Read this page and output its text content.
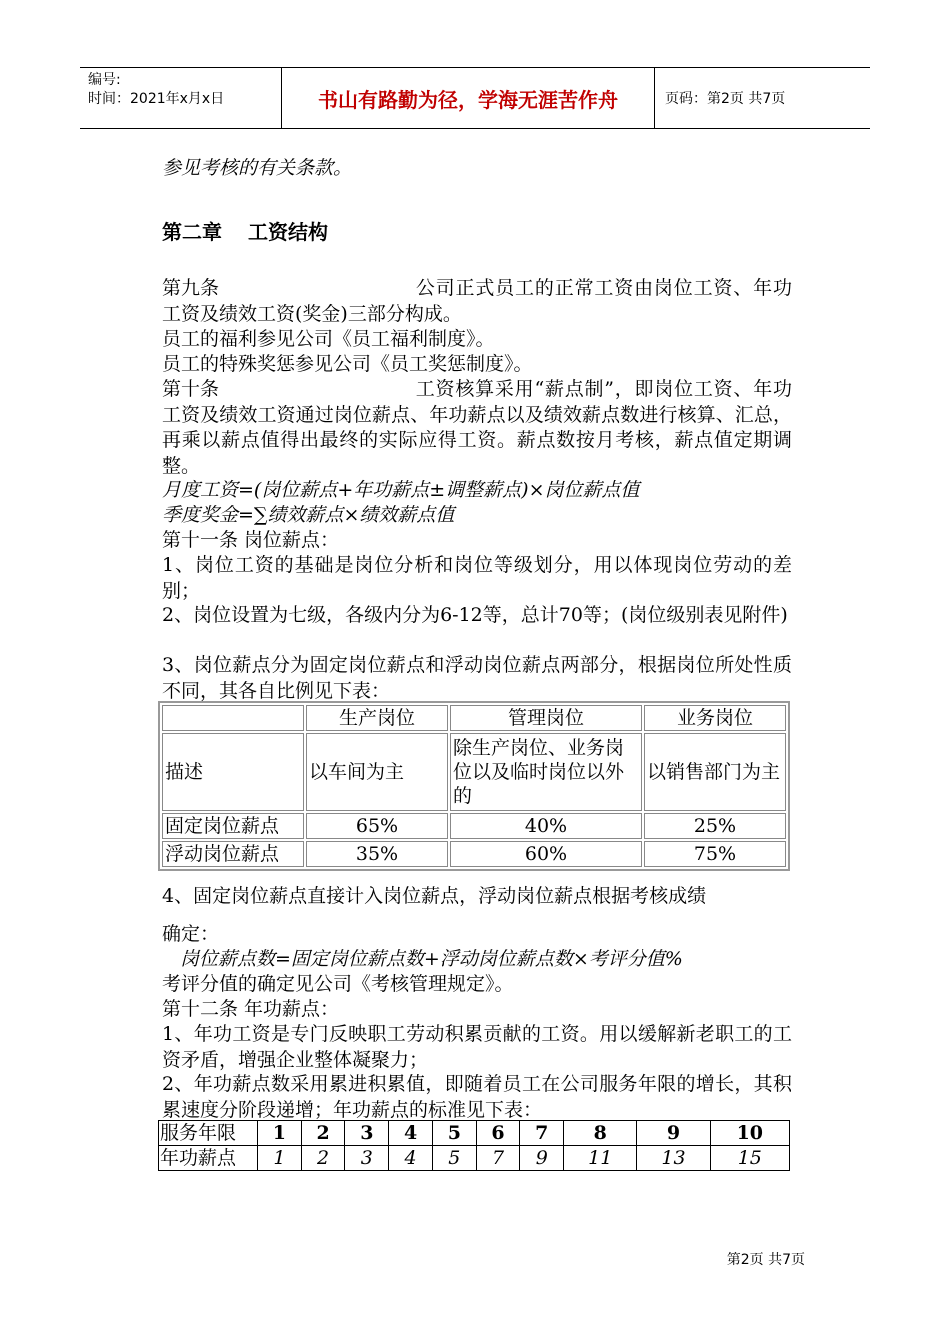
编号:
时间：2021年x月x日	书山有路勤为径，学海无涯苦作舟	页码：第2页 共7页
参见考核的有关条款。
第二章 工资结构
第九条	公司正式员工的正常工资由岗位工资、年功工资及绩效工资(奖金)三部分构成。
员工的福利参见公司《员工福利制度》。
员工的特殊奖惩参见公司《员工奖惩制度》。
第十条	工资核算采用“薪点制”，即岗位工资、年功工资及绩效工资通过岗位薪点、年功薪点以及绩效薪点数进行核算、汇总，再乘以薪点值得出最终的实际应得工资。薪点数按月考核，薪点值定期调整。
月度工资=(岗位薪点+年功薪点±调整薪点)×岗位薪点值
季度奖金=∑绩效薪点×绩效薪点值
第十一条 岗位薪点：
1、岗位工资的基础是岗位分析和岗位等级划分，用以体现岗位劳动的差别；
2、岗位设置为七级，各级内分为6-12等，总计70等；(岗位级别表见附件)
3、岗位薪点分为固定岗位薪点和浮动岗位薪点两部分，根据岗位所处性质不同，其各自比例见下表：
	生产岗位	管理岗位	业务岗位
描述	以车间为主	除生产岗位、业务岗位以及临时岗位以外的	以销售部门为主
固定岗位薪点	65%	40%	25%
浮动岗位薪点	35%	60%	75%
4、固定岗位薪点直接计入岗位薪点，浮动岗位薪点根据考核成绩
确定：
岗位薪点数=固定岗位薪点数+浮动岗位薪点数×考评分值%
考评分值的确定见公司《考核管理规定》。
第十二条 年功薪点：
1、年功工资是专门反映职工劳动积累贡献的工资。用以缓解新老职工的工资矛盾，增强企业整体凝聚力；
2、年功薪点数采用累进积累值，即随着员工在公司服务年限的增长，其积累速度分阶段递增；年功薪点的标准见下表：
服务年限	1	2	3	4	5	6	7	8	9	10
年功薪点	1	2	3	4	5	7	9	11	13	15
第2页 共7页
